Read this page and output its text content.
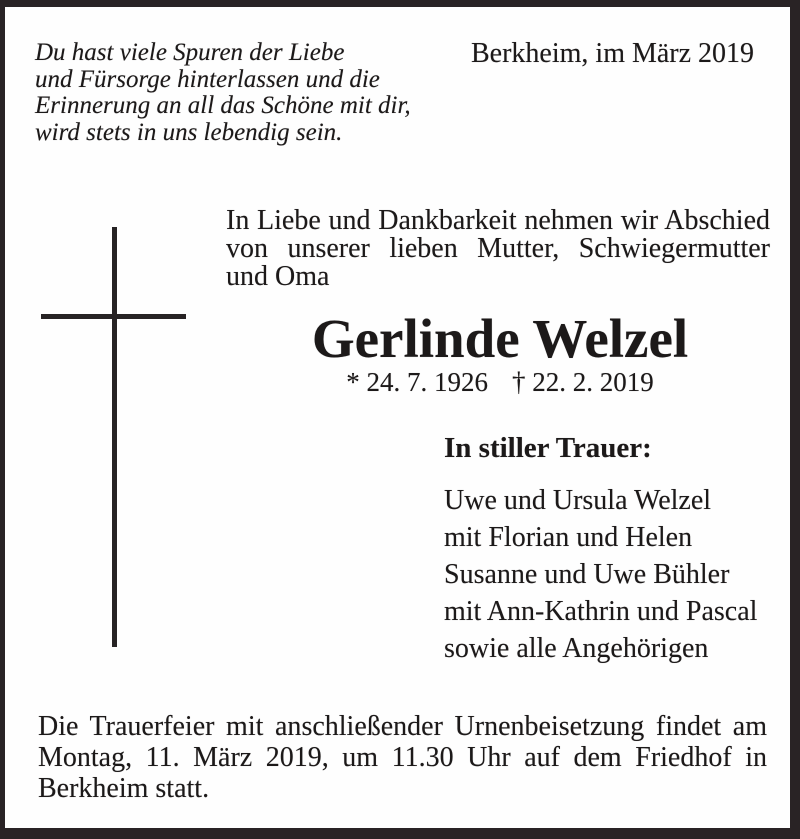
Du hast viele Spuren der Liebe
und Fürsorge hinterlassen und die
Erinnerung an all das Schöne mit dir,
wird stets in uns lebendig sein.
Berkheim, im März 2019
In Liebe und Dankbarkeit nehmen wir Abschied
von unserer lieben Mutter, Schwiegermutter
und Oma
Gerlinde Welzel
* 24. 7. 1926 † 22. 2. 2019
In stiller Trauer:
Uwe und Ursula Welzel
mit Florian und Helen
Susanne und Uwe Bühler
mit Ann-Kathrin und Pascal
sowie alle Angehörigen
Die Trauerfeier mit anschließender Urnenbeisetzung findet am
Montag, 11. März 2019, um 11.30 Uhr auf dem Friedhof in
Berkheim statt.
